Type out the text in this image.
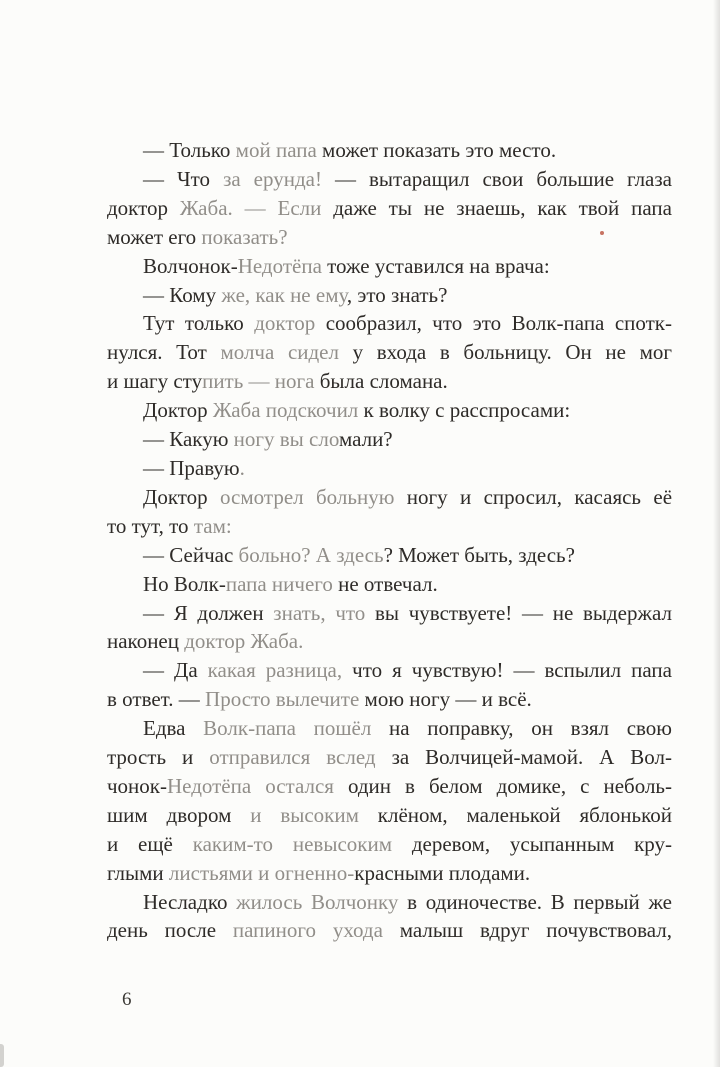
— Только мой папа может показать это место.
— Что за ерунда! — вытаращил свои большие глаза
доктор Жаба. — Если даже ты не знаешь, как твой папа
может его показать?
Волчонок-Недотёпа тоже уставился на врача:
— Кому же, как не ему, это знать?
Тут только доктор сообразил, что это Волк-папа спотк-
нулся. Тот молча сидел у входа в больницу. Он не мог
и шагу ступить — нога была сломана.
Доктор Жаба подскочил к волку с расспросами:
— Какую ногу вы сломали?
— Правую.
Доктор осмотрел больную ногу и спросил, касаясь её
то тут, то там:
— Сейчас больно? А здесь? Может быть, здесь?
Но Волк-папа ничего не отвечал.
— Я должен знать, что вы чувствуете! — не выдержал
наконец доктор Жаба.
— Да какая разница, что я чувствую! — вспылил папа
в ответ. — Просто вылечите мою ногу — и всё.
Едва Волк-папа пошёл на поправку, он взял свою
трость и отправился вслед за Волчицей-мамой. А Вол-
чонок-Недотёпа остался один в белом домике, с неболь-
шим двором и высоким клёном, маленькой яблонькой
и ещё каким-то невысоким деревом, усыпанным кру-
глыми листьями и огненно-красными плодами.
Несладко жилось Волчонку в одиночестве. В первый же
день после папиного ухода малыш вдруг почувствовал,
6
